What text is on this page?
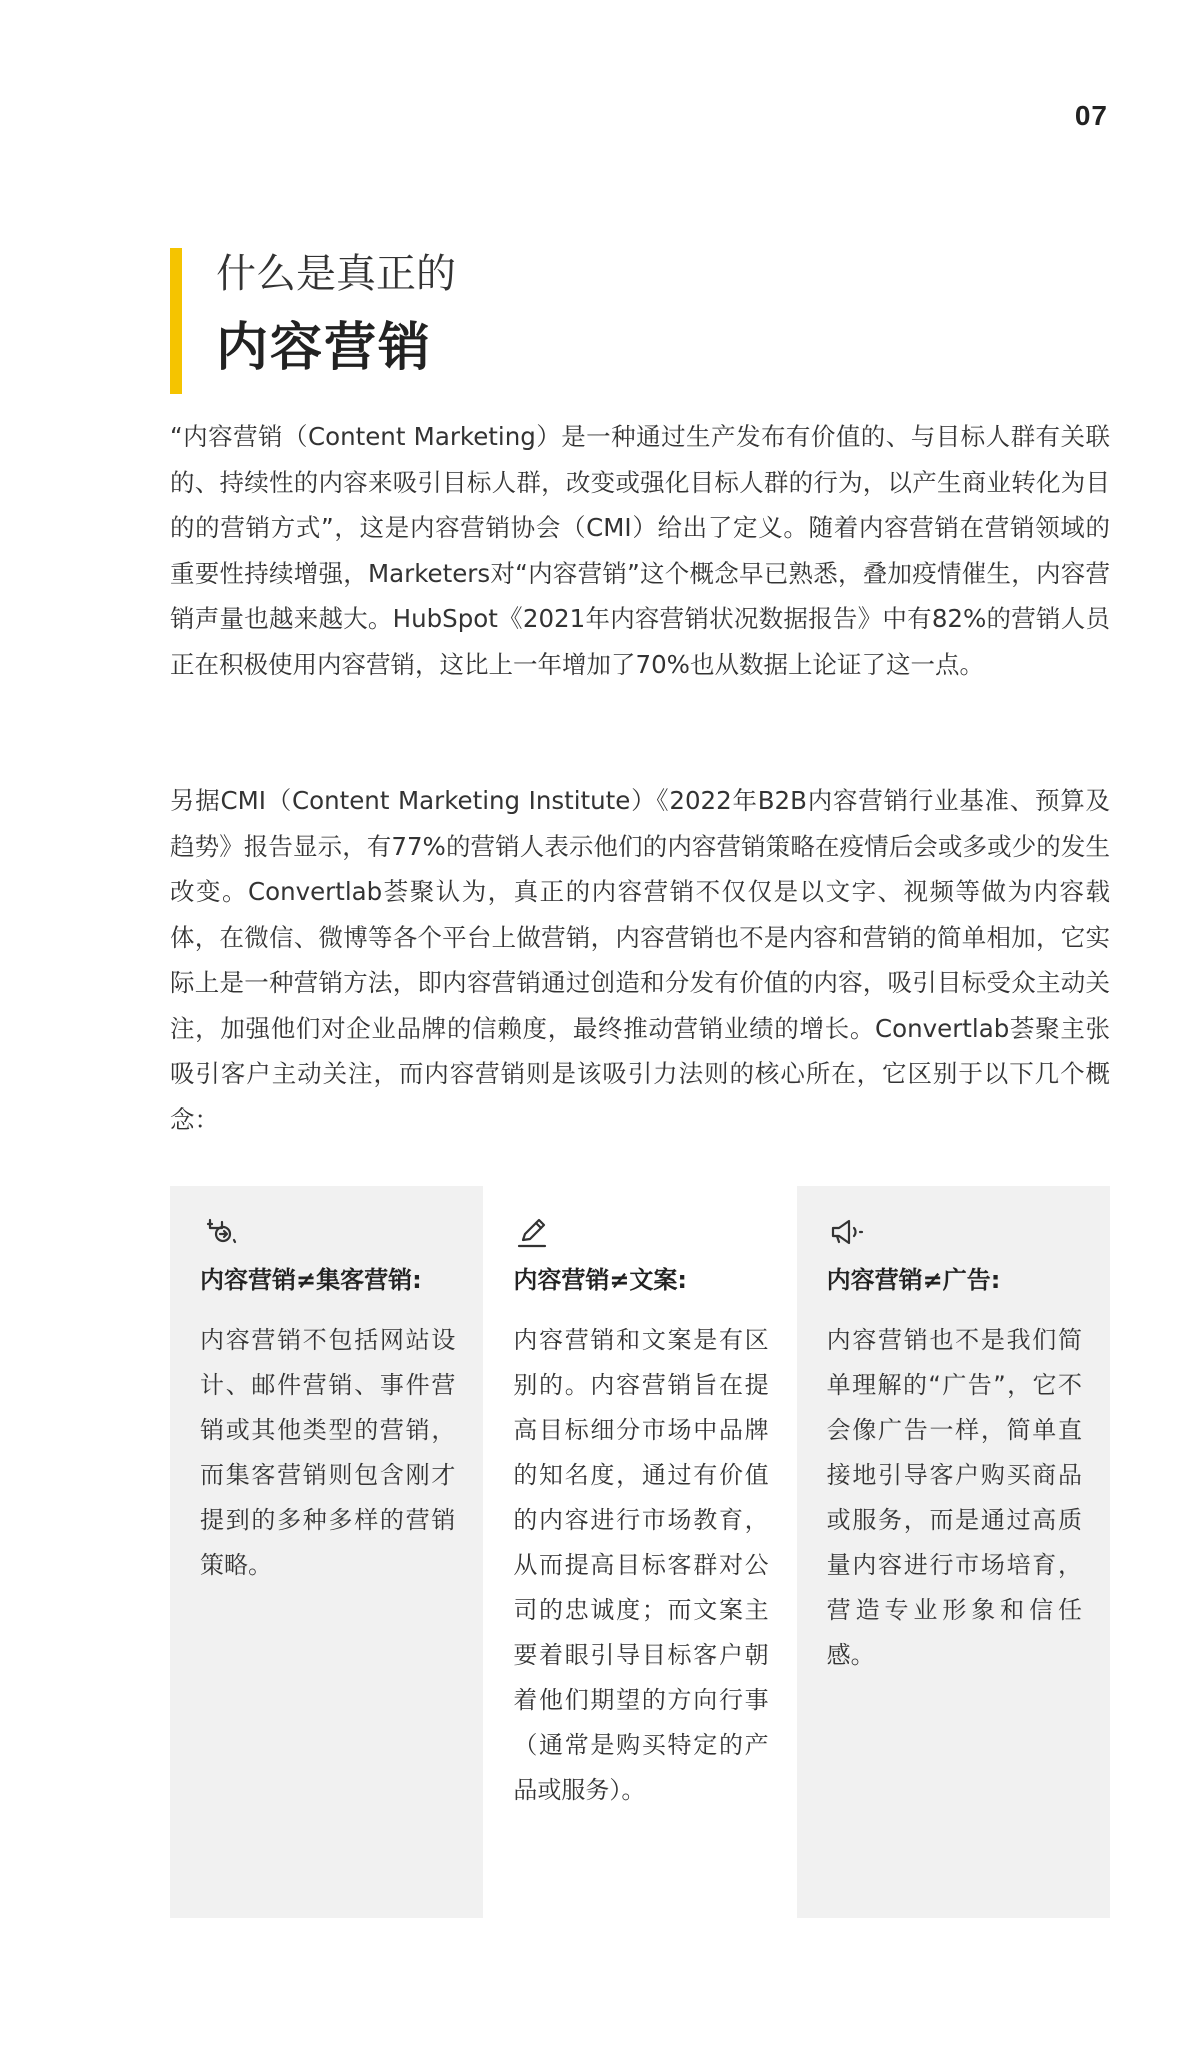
07
什么是真正的
内容营销

“内容营销（Content Marketing）是一种通过生产发布有价值的、与目标人群有关联的、持续性的内容来吸引目标人群，改变或强化目标人群的行为，以产生商业转化为目的的营销方式”，这是内容营销协会（CMI）给出了定义。随着内容营销在营销领域的重要性持续增强，Marketers对“内容营销”这个概念早已熟悉，叠加疫情催生，内容营销声量也越来越大。HubSpot《2021年内容营销状况数据报告》中有82%的营销人员正在积极使用内容营销，这比上一年增加了70%也从数据上论证了这一点。

另据CMI（Content Marketing Institute）《2022年B2B内容营销行业基准、预算及趋势》报告显示，有77%的营销人表示他们的内容营销策略在疫情后会或多或少的发生改变。Convertlab荟聚认为，真正的内容营销不仅仅是以文字、视频等做为内容载体，在微信、微博等各个平台上做营销，内容营销也不是内容和营销的简单相加，它实际上是一种营销方法，即内容营销通过创造和分发有价值的内容，吸引目标受众主动关注，加强他们对企业品牌的信赖度，最终推动营销业绩的增长。Convertlab荟聚主张吸引客户主动关注，而内容营销则是该吸引力法则的核心所在，它区别于以下几个概念：

内容营销≠集客营销:
内容营销不包括网站设计、邮件营销、事件营销或其他类型的营销，而集客营销则包含刚才提到的多种多样的营销策略。
内容营销≠文案:
内容营销和文案是有区别的。内容营销旨在提高目标细分市场中品牌的知名度，通过有价值的内容进行市场教育，从而提高目标客群对公司的忠诚度；而文案主要着眼引导目标客户朝着他们期望的方向行事（通常是购买特定的产品或服务）。
内容营销≠广告:
内容营销也不是我们简单理解的“广告”，它不会像广告一样，简单直接地引导客户购买商品或服务，而是通过高质量内容进行市场培育，营造专业形象和信任感。
